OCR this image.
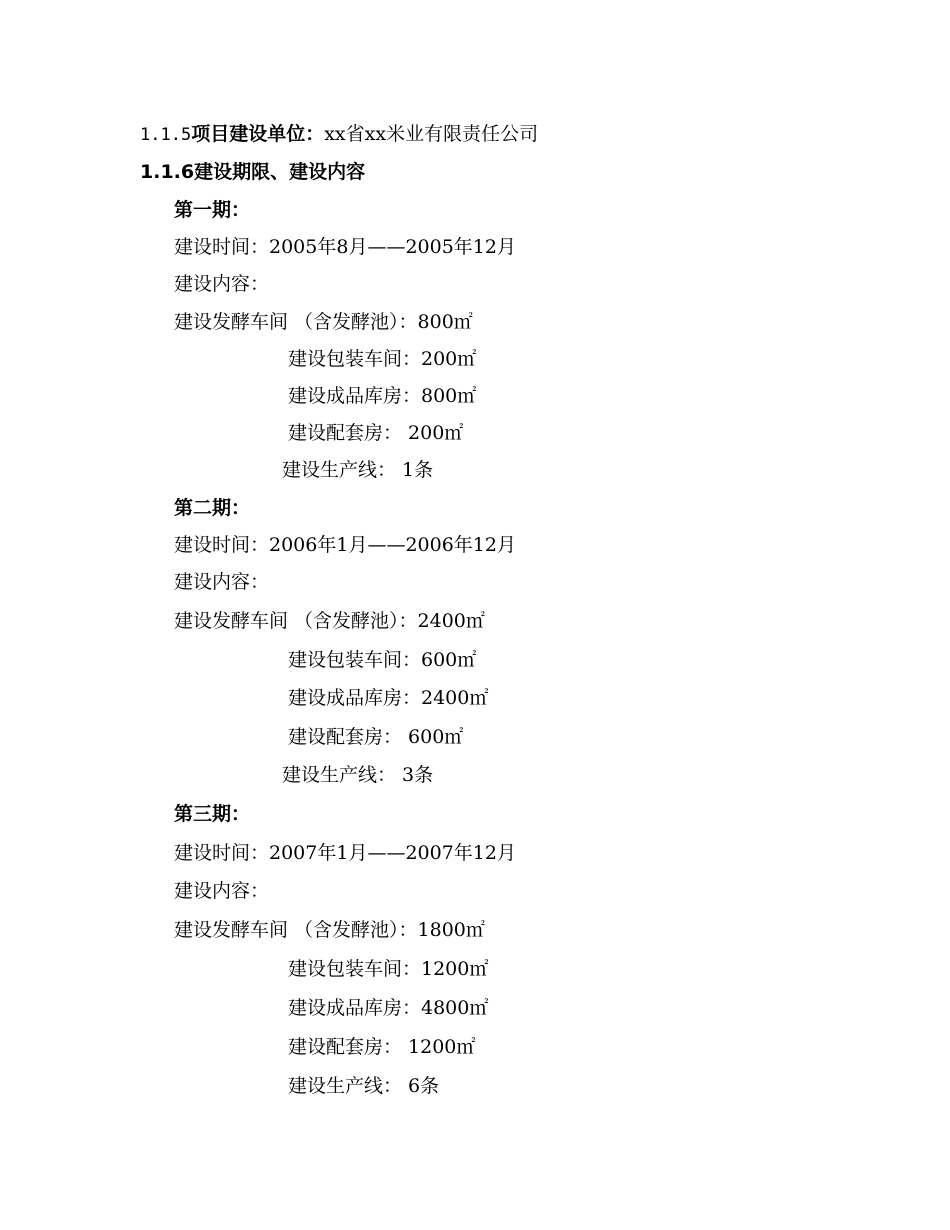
1.1.5项目建设单位：xx省xx米业有限责任公司
1.1.6建设期限、建设内容
第一期：
建设时间：2005年8月——2005年12月
建设内容：
建设发酵车间 （含发酵池）：800㎡
建设包装车间：200㎡
建设成品库房：800㎡
建设配套房： 200㎡
建设生产线： 1条
第二期：
建设时间：2006年1月——2006年12月
建设内容：
建设发酵车间 （含发酵池）：2400㎡
建设包装车间：600㎡
建设成品库房：2400㎡
建设配套房： 600㎡
建设生产线： 3条
第三期：
建设时间：2007年1月——2007年12月
建设内容：
建设发酵车间 （含发酵池）：1800㎡
建设包装车间：1200㎡
建设成品库房：4800㎡
建设配套房： 1200㎡
建设生产线： 6条
